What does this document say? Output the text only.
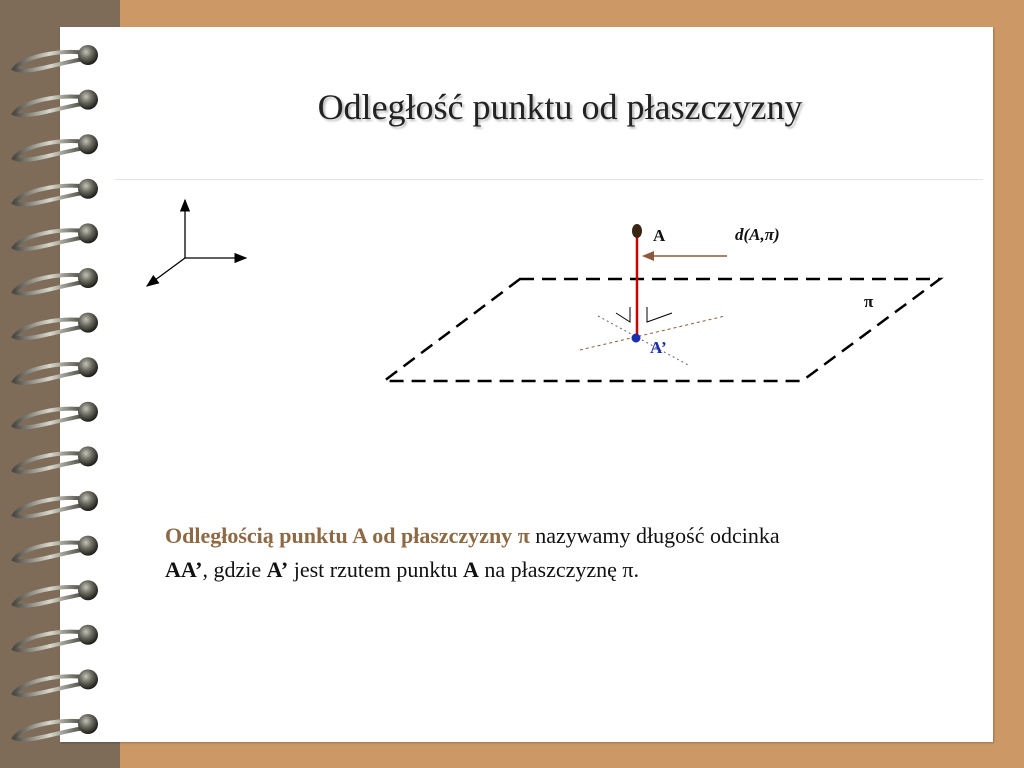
Odległość punktu od płaszczyzny

A	d(A,π)

π

A’

Odległością punktu A od płaszczyzny π nazywamy długość odcinka AA’, gdzie A’ jest rzutem punktu A na płaszczyznę π.
